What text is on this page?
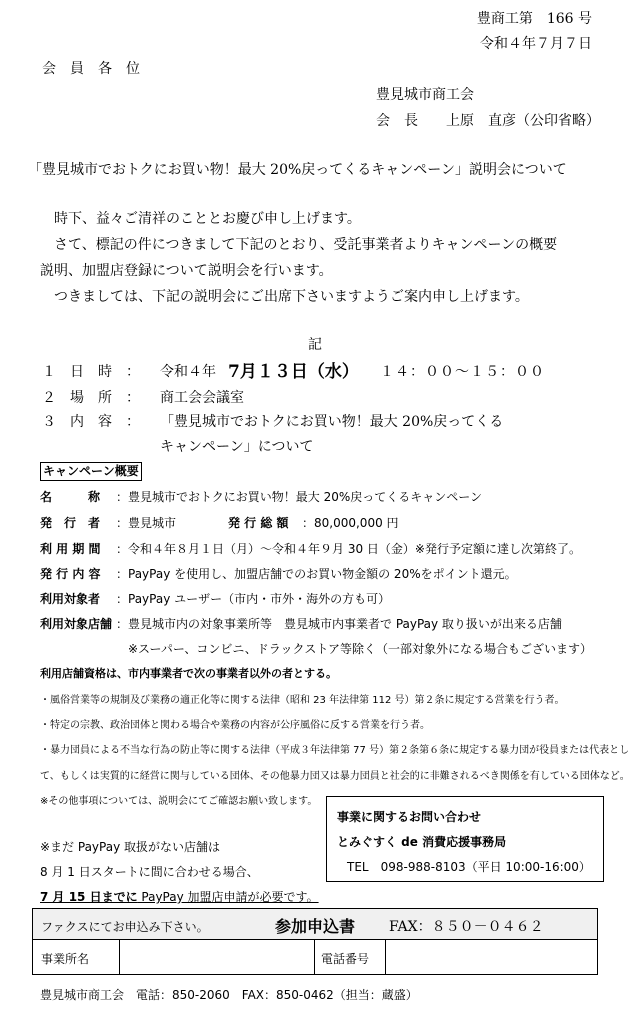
豊商工第　166 号
令和４年７月７日
会　員　各　位
豊見城市商工会
会　長　　上原　直彦（公印省略）
「豊見城市でおトクにお買い物！最大 20%戻ってくるキャンペーン」説明会について
時下、益々ご清祥のこととお慶び申し上げます。
さて、標記の件につきまして下記のとおり、受託事業者よりキャンペーンの概要
説明、加盟店登録について説明会を行います。
つきましては、下記の説明会にご出席下さいますようご案内申し上げます。
記
１　日　時　： 令和４年 7月１３日（水） １４：００～１５：００
２　場　所　： 商工会会議室
３　内　容　： 「豊見城市でおトクにお買い物！最大 20%戻ってくる
キャンペーン」について
キャンペーン概要
名　　　称 ：豊見城市でおトクにお買い物！最大 20%戻ってくるキャンペーン
発　行　者 ：豊見城市	発 行 総 額 ：80,000,000 円
利 用 期 間 ：令和４年８月１日（月）～令和４年９月 30 日（金）※発行予定額に達し次第終了。
発 行 内 容 ：PayPay を使用し、加盟店舗でのお買い物金額の 20%をポイント還元。
利用対象者 ：PayPay ユーザー（市内・市外・海外の方も可）
利用対象店舗 ：豊見城市内の対象事業所等　豊見城市内事業者で PayPay 取り扱いが出来る店舗
※スーパー、コンビニ、ドラックストア等除く（一部対象外になる場合もございます）
利用店舗資格は、市内事業者で次の事業者以外の者とする。
・風俗営業等の規制及び業務の適正化等に関する法律（昭和 23 年法律第 112 号）第２条に規定する営業を行う者。
・特定の宗教、政治団体と関わる場合や業務の内容が公序風俗に反する営業を行う者。
・暴力団員による不当な行為の防止等に関する法律（平成３年法律第 77 号）第２条第６条に規定する暴力団が役員または代表とし
て、もしくは実質的に経営に関与している団体、その他暴力団又は暴力団員と社会的に非難されるべき関係を有している団体など。
※その他事項については、説明会にてご確認お願い致します。
事業に関するお問い合わせ
とみぐすく de 消費応援事務局
TEL　098-988-8103（平日 10:00-16:00）
※まだ PayPay 取扱がない店舗は
8 月 1 日スタートに間に合わせる場合、
7 月 15 日までに PayPay 加盟店申請が必要です。
ファクスにてお申込み下さい。	参加申込書 FAX：８５０－０４６２
事業所名	電話番号
豊見城市商工会　電話：850-2060　FAX：850-0462（担当：蔵盛）
